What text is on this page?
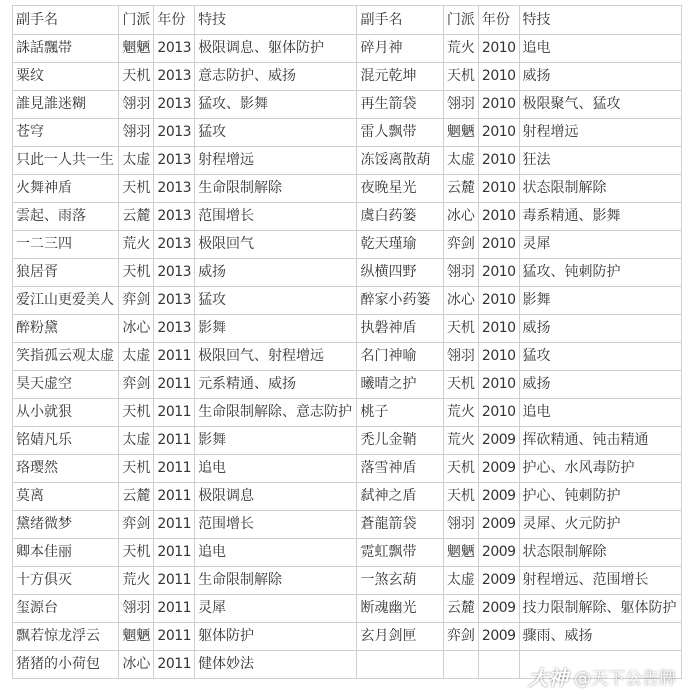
副手名	门派	年份	特技	副手名	门派	年份	特技
誅話飄帯	魍魉	2013	极限调息、躯体防护	碎月神	荒火	2010	追电
粟纹	天机	2013	意志防护、威扬	混元乾坤	天机	2010	威扬
誰見誰迷糊	翎羽	2013	猛攻、影舞	再生箭袋	翎羽	2010	极限聚气、猛攻
苍穹	翎羽	2013	猛攻	雷人飘带	魍魉	2010	射程增远
只此一人共一生	太虚	2013	射程增远	冻馁离散葫	太虚	2010	狂法
火舞神盾	天机	2013	生命限制解除	夜晚星光	云麓	2010	状态限制解除
雲起、雨落	云麓	2013	范围增长	虞白药篓	冰心	2010	毒系精通、影舞
一二三四	荒火	2013	极限回气	乾天瑾瑜	弈剑	2010	灵犀
狼居胥	天机	2013	威扬	纵横四野	翎羽	2010	猛攻、钝刺防护
爱江山更爱美人	弈剑	2013	猛攻	醉家小药篓	冰心	2010	影舞
醉粉黛	冰心	2013	影舞	执磐神盾	天机	2010	威扬
笑指孤云观太虚	太虚	2011	极限回气、射程增远	名门神喻	翎羽	2010	猛攻
昊天虚空	弈剑	2011	元系精通、威扬	曦晴之护	天机	2010	威扬
从小就狠	天机	2011	生命限制解除、意志防护	桃子	荒火	2010	追电
铭婧凡乐	太虚	2011	影舞	禿儿金鞘	荒火	2009	挥砍精通、钝击精通
珞璎然	天机	2011	追电	落雪神盾	天机	2009	护心、水风毒防护
莫离	云麓	2011	极限调息	弑神之盾	天机	2009	护心、钝刺防护
黛绪微梦	弈剑	2011	范围增长	蒼龍箭袋	翎羽	2009	灵犀、火元防护
卿本佳丽	天机	2011	追电	霓虹飘带	魍魉	2009	状态限制解除
十方俱灭	荒火	2011	生命限制解除	一煞玄葫	太虚	2009	射程增远、范围增长
玺源台	翎羽	2011	灵犀	断魂幽光	云麓	2009	技力限制解除、躯体防护
飘若惊龙浮云	魍魉	2011	躯体防护	玄月剑匣	弈剑	2009	骤雨、威扬
猪猪的小荷包	冰心	2011	健体妙法				
大神 @天下公告牌
